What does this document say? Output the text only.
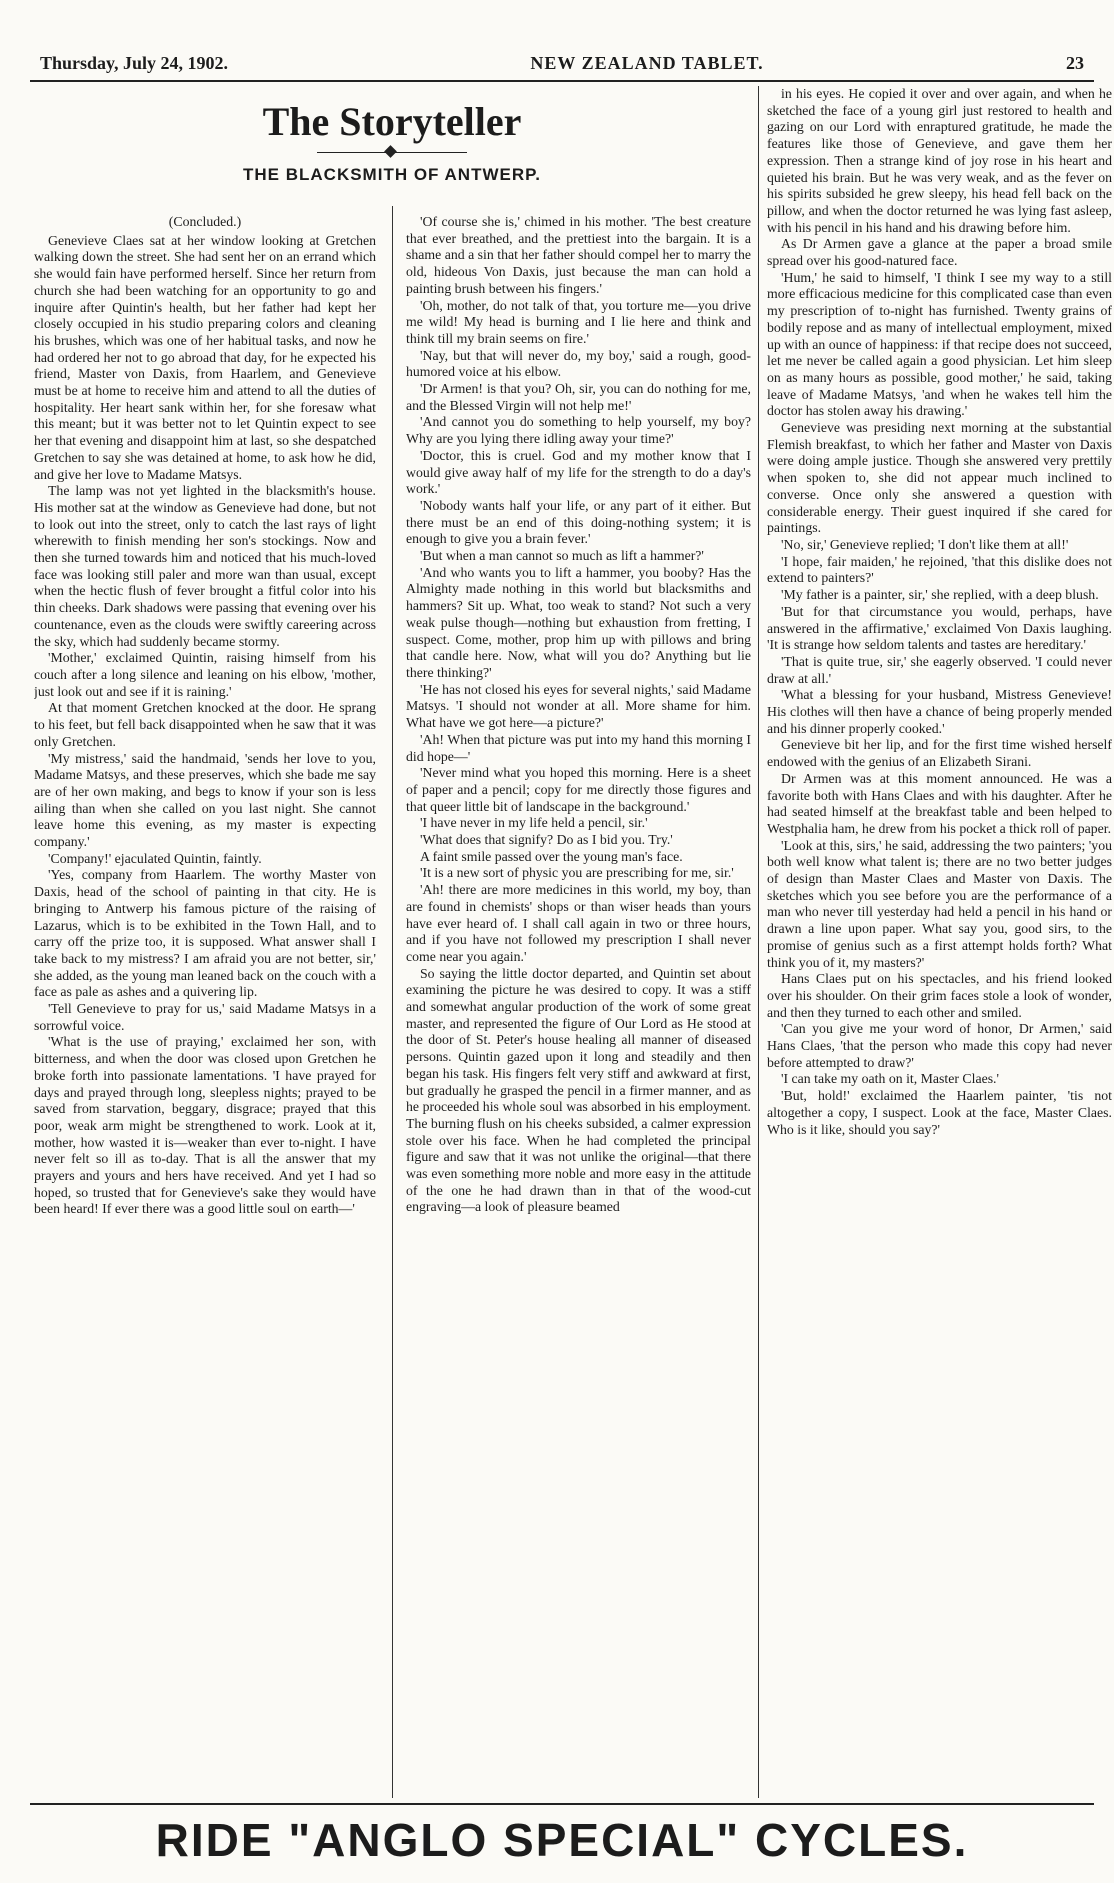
Thursday, July 24, 1902.	NEW ZEALAND TABLET.	23
The Storyteller
THE BLACKSMITH OF ANTWERP.

(Concluded.)

Genevieve Claes sat at her window looking at Gretchen walking down the street. She had sent her on an errand which she would fain have performed herself. Since her return from church she had been watching for an opportunity to go and inquire after Quintin's health, but her father had kept her closely occupied in his studio preparing colors and cleaning his brushes, which was one of her habitual tasks, and now he had ordered her not to go abroad that day, for he expected his friend, Master von Daxis, from Haarlem, and Genevieve must be at home to receive him and attend to all the duties of hospitality. Her heart sank within her, for she foresaw what this meant; but it was better not to let Quintin expect to see her that evening and disappoint him at last, so she despatched Gretchen to say she was detained at home, to ask how he did, and give her love to Madame Matsys.

The lamp was not yet lighted in the blacksmith's house. His mother sat at the window as Genevieve had done, but not to look out into the street, only to catch the last rays of light wherewith to finish mending her son's stockings. Now and then she turned towards him and noticed that his much-loved face was looking still paler and more wan than usual, except when the hectic flush of fever brought a fitful color into his thin cheeks. Dark shadows were passing that evening over his countenance, even as the clouds were swiftly careering across the sky, which had suddenly became stormy.

'Mother,' exclaimed Quintin, raising himself from his couch after a long silence and leaning on his elbow, 'mother, just look out and see if it is raining.'

At that moment Gretchen knocked at the door. He sprang to his feet, but fell back disappointed when he saw that it was only Gretchen.

'My mistress,' said the handmaid, 'sends her love to you, Madame Matsys, and these preserves, which she bade me say are of her own making, and begs to know if your son is less ailing than when she called on you last night. She cannot leave home this evening, as my master is expecting company.'

'Company!' ejaculated Quintin, faintly.

'Yes, company from Haarlem. The worthy Master von Daxis, head of the school of painting in that city. He is bringing to Antwerp his famous picture of the raising of Lazarus, which is to be exhibited in the Town Hall, and to carry off the prize too, it is supposed. What answer shall I take back to my mistress? I am afraid you are not better, sir,' she added, as the young man leaned back on the couch with a face as pale as ashes and a quivering lip.

'Tell Genevieve to pray for us,' said Madame Matsys in a sorrowful voice.

'What is the use of praying,' exclaimed her son, with bitterness, and when the door was closed upon Gretchen he broke forth into passionate lamentations. 'I have prayed for days and prayed through long, sleepless nights; prayed to be saved from starvation, beggary, disgrace; prayed that this poor, weak arm might be strengthened to work. Look at it, mother, how wasted it is—weaker than ever to-night. I have never felt so ill as to-day. That is all the answer that my prayers and yours and hers have received. And yet I had so hoped, so trusted that for Genevieve's sake they would have been heard! If ever there was a good little soul on earth—'

'Of course she is,' chimed in his mother. 'The best creature that ever breathed, and the prettiest into the bargain. It is a shame and a sin that her father should compel her to marry the old, hideous Von Daxis, just because the man can hold a painting brush between his fingers.'

'Oh, mother, do not talk of that, you torture me—you drive me wild! My head is burning and I lie here and think and think till my brain seems on fire.'

'Nay, but that will never do, my boy,' said a rough, good-humored voice at his elbow.

'Dr Armen! is that you? Oh, sir, you can do nothing for me, and the Blessed Virgin will not help me!'

'And cannot you do something to help yourself, my boy? Why are you lying there idling away your time?'

'Doctor, this is cruel. God and my mother know that I would give away half of my life for the strength to do a day's work.'

'Nobody wants half your life, or any part of it either. But there must be an end of this doing-nothing system; it is enough to give you a brain fever.'

'But when a man cannot so much as lift a hammer?'

'And who wants you to lift a hammer, you booby? Has the Almighty made nothing in this world but blacksmiths and hammers? Sit up. What, too weak to stand? Not such a very weak pulse though—nothing but exhaustion from fretting, I suspect. Come, mother, prop him up with pillows and bring that candle here. Now, what will you do? Anything but lie there thinking?'

'He has not closed his eyes for several nights,' said Madame Matsys. 'I should not wonder at all. More shame for him. What have we got here—a picture?'

'Ah! When that picture was put into my hand this morning I did hope—'

'Never mind what you hoped this morning. Here is a sheet of paper and a pencil; copy for me directly those figures and that queer little bit of landscape in the background.'

'I have never in my life held a pencil, sir.'

'What does that signify? Do as I bid you. Try.'

A faint smile passed over the young man's face.

'It is a new sort of physic you are prescribing for me, sir.'

'Ah! there are more medicines in this world, my boy, than are found in chemists' shops or than wiser heads than yours have ever heard of. I shall call again in two or three hours, and if you have not followed my prescription I shall never come near you again.'

So saying the little doctor departed, and Quintin set about examining the picture he was desired to copy. It was a stiff and somewhat angular production of the work of some great master, and represented the figure of Our Lord as He stood at the door of St. Peter's house healing all manner of diseased persons. Quintin gazed upon it long and steadily and then began his task. His fingers felt very stiff and awkward at first, but gradually he grasped the pencil in a firmer manner, and as he proceeded his whole soul was absorbed in his employment. The burning flush on his cheeks subsided, a calmer expression stole over his face. When he had completed the principal figure and saw that it was not unlike the original—that there was even something more noble and more easy in the attitude of the one he had drawn than in that of the wood-cut engraving—a look of pleasure beamed

in his eyes. He copied it over and over again, and when he sketched the face of a young girl just restored to health and gazing on our Lord with enraptured gratitude, he made the features like those of Genevieve, and gave them her expression. Then a strange kind of joy rose in his heart and quieted his brain. But he was very weak, and as the fever on his spirits subsided he grew sleepy, his head fell back on the pillow, and when the doctor returned he was lying fast asleep, with his pencil in his hand and his drawing before him.

As Dr Armen gave a glance at the paper a broad smile spread over his good-natured face.

'Hum,' he said to himself, 'I think I see my way to a still more efficacious medicine for this complicated case than even my prescription of to-night has furnished. Twenty grains of bodily repose and as many of intellectual employment, mixed up with an ounce of happiness: if that recipe does not succeed, let me never be called again a good physician. Let him sleep on as many hours as possible, good mother,' he said, taking leave of Madame Matsys, 'and when he wakes tell him the doctor has stolen away his drawing.'

Genevieve was presiding next morning at the substantial Flemish breakfast, to which her father and Master von Daxis were doing ample justice. Though she answered very prettily when spoken to, she did not appear much inclined to converse. Once only she answered a question with considerable energy. Their guest inquired if she cared for paintings.

'No, sir,' Genevieve replied; 'I don't like them at all!'

'I hope, fair maiden,' he rejoined, 'that this dislike does not extend to painters?'

'My father is a painter, sir,' she replied, with a deep blush.

'But for that circumstance you would, perhaps, have answered in the affirmative,' exclaimed Von Daxis laughing. 'It is strange how seldom talents and tastes are hereditary.'

'That is quite true, sir,' she eagerly observed. 'I could never draw at all.'

'What a blessing for your husband, Mistress Genevieve! His clothes will then have a chance of being properly mended and his dinner properly cooked.'

Genevieve bit her lip, and for the first time wished herself endowed with the genius of an Elizabeth Sirani.

Dr Armen was at this moment announced. He was a favorite both with Hans Claes and with his daughter. After he had seated himself at the breakfast table and been helped to Westphalia ham, he drew from his pocket a thick roll of paper.

'Look at this, sirs,' he said, addressing the two painters; 'you both well know what talent is; there are no two better judges of design than Master Claes and Master von Daxis. The sketches which you see before you are the performance of a man who never till yesterday had held a pencil in his hand or drawn a line upon paper. What say you, good sirs, to the promise of genius such as a first attempt holds forth? What think you of it, my masters?'

Hans Claes put on his spectacles, and his friend looked over his shoulder. On their grim faces stole a look of wonder, and then they turned to each other and smiled.

'Can you give me your word of honor, Dr Armen,' said Hans Claes, 'that the person who made this copy had never before attempted to draw?'

'I can take my oath on it, Master Claes.'

'But, hold!' exclaimed the Haarlem painter, 'tis not altogether a copy, I suspect. Look at the face, Master Claes. Who is it like, should you say?'

RIDE "ANGLO SPECIAL" CYCLES.
